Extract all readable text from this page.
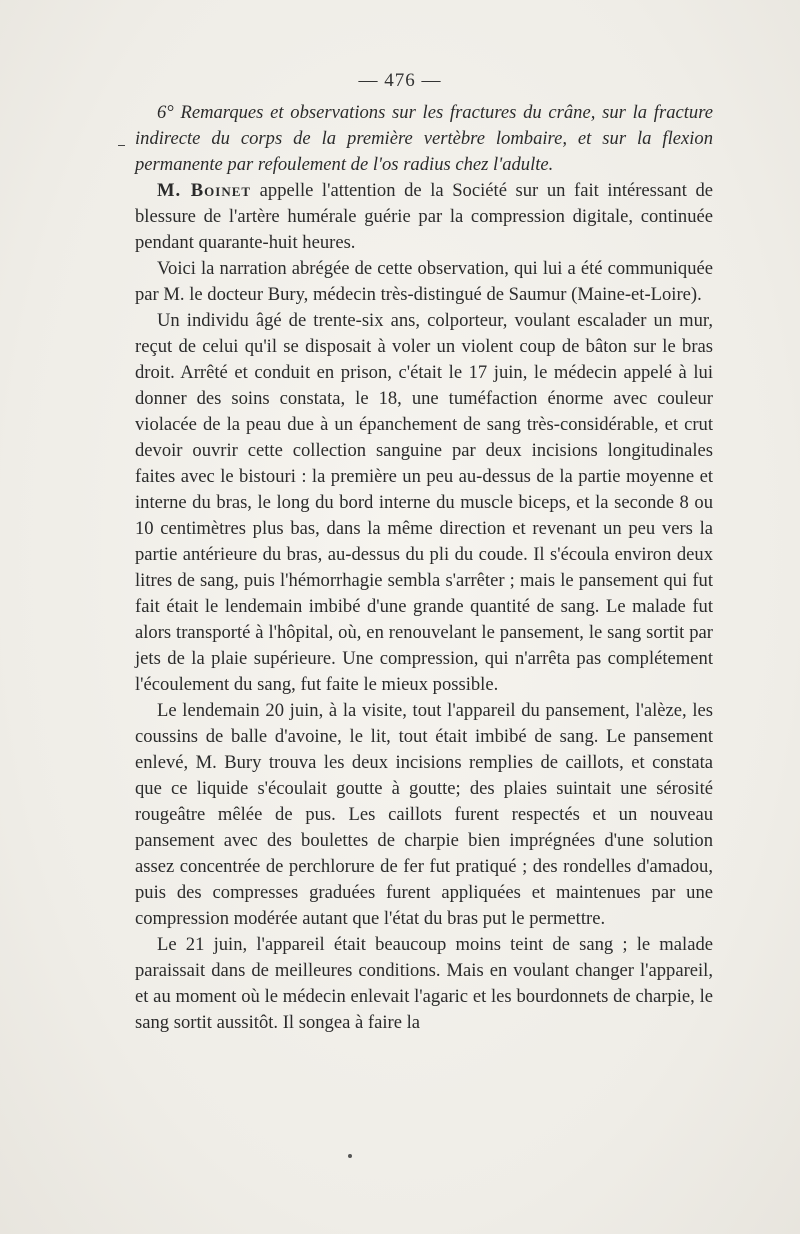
— 476 —

6° Remarques et observations sur les fractures du crâne, sur la fracture indirecte du corps de la première vertèbre lombaire, et sur la flexion permanente par refoulement de l'os radius chez l'adulte.

M. Boinet appelle l'attention de la Société sur un fait intéressant de blessure de l'artère humérale guérie par la compression digitale, continuée pendant quarante-huit heures.

Voici la narration abrégée de cette observation, qui lui a été communiquée par M. le docteur Bury, médecin très-distingué de Saumur (Maine-et-Loire).

Un individu âgé de trente-six ans, colporteur, voulant escalader un mur, reçut de celui qu'il se disposait à voler un violent coup de bâton sur le bras droit. Arrêté et conduit en prison, c'était le 17 juin, le médecin appelé à lui donner des soins constata, le 18, une tuméfaction énorme avec couleur violacée de la peau due à un épanchement de sang très-considérable, et crut devoir ouvrir cette collection sanguine par deux incisions longitudinales faites avec le bistouri : la première un peu au-dessus de la partie moyenne et interne du bras, le long du bord interne du muscle biceps, et la seconde 8 ou 10 centimètres plus bas, dans la même direction et revenant un peu vers la partie antérieure du bras, au-dessus du pli du coude. Il s'écoula environ deux litres de sang, puis l'hémorrhagie sembla s'arrêter ; mais le pansement qui fut fait était le lendemain imbibé d'une grande quantité de sang. Le malade fut alors transporté à l'hôpital, où, en renouvelant le pansement, le sang sortit par jets de la plaie supérieure. Une compression, qui n'arrêta pas complétement l'écoulement du sang, fut faite le mieux possible.

Le lendemain 20 juin, à la visite, tout l'appareil du pansement, l'alèze, les coussins de balle d'avoine, le lit, tout était imbibé de sang. Le pansement enlevé, M. Bury trouva les deux incisions remplies de caillots, et constata que ce liquide s'écoulait goutte à goutte; des plaies suintait une sérosité rougeâtre mêlée de pus. Les caillots furent respectés et un nouveau pansement avec des boulettes de charpie bien imprégnées d'une solution assez concentrée de perchlorure de fer fut pratiqué ; des rondelles d'amadou, puis des compresses graduées furent appliquées et maintenues par une compression modérée autant que l'état du bras put le permettre.

Le 21 juin, l'appareil était beaucoup moins teint de sang ; le malade paraissait dans de meilleures conditions. Mais en voulant changer l'appareil, et au moment où le médecin enlevait l'agaric et les bourdonnets de charpie, le sang sortit aussitôt. Il songea à faire la
